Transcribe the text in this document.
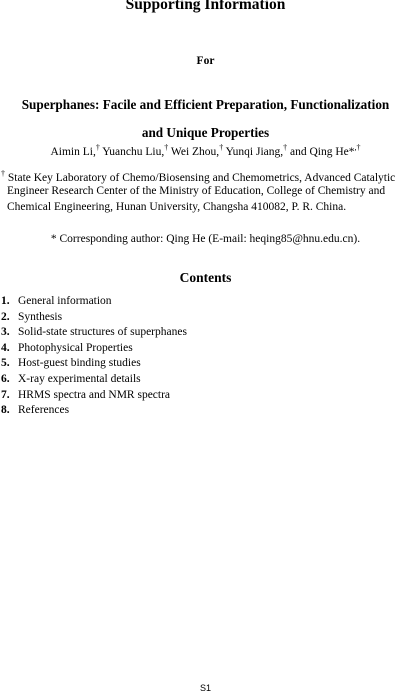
Supporting Information
For
Superphanes: Facile and Efficient Preparation, Functionalization
and Unique Properties
Aimin Li,† Yuanchu Liu,† Wei Zhou,† Yunqi Jiang,† and Qing He*,†
† State Key Laboratory of Chemo/Biosensing and Chemometrics, Advanced Catalytic
Engineer Research Center of the Ministry of Education, College of Chemistry and
Chemical Engineering, Hunan University, Changsha 410082, P. R. China.
* Corresponding author: Qing He (E-mail: heqing85@hnu.edu.cn).
Contents
1. General information
2. Synthesis
3. Solid-state structures of superphanes
4. Photophysical Properties
5. Host-guest binding studies
6. X-ray experimental details
7. HRMS spectra and NMR spectra
8. References
S1
